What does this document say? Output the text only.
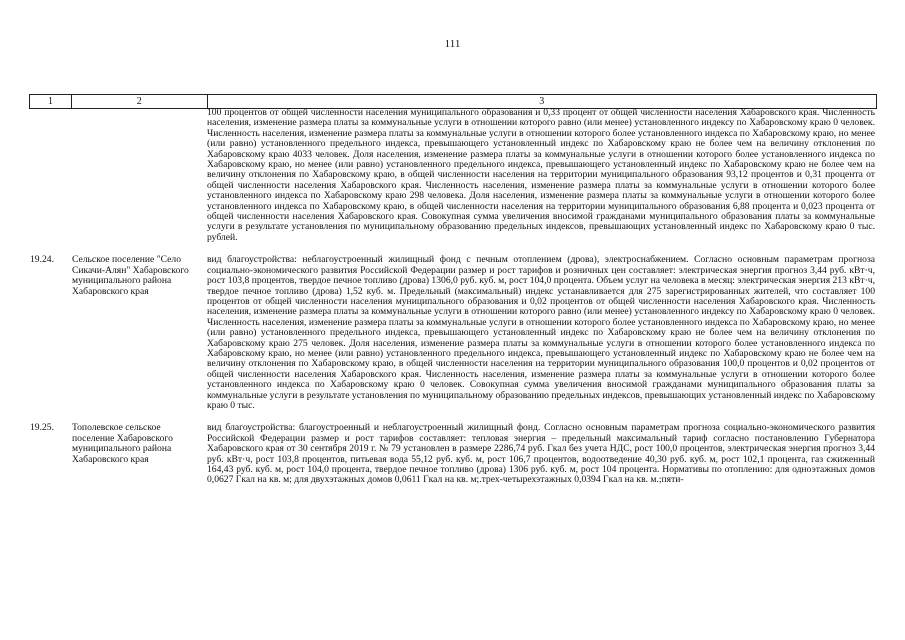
111
1	2	3
100 процентов от общей численности населения муниципального образования и 0,33 процент от общей численности населения Хабаровского края. Численность населения, изменение размера платы за коммунальные услуги в отношении которого равно (или менее) установленного индексу по Хабаровскому краю 0 человек. Численность населения, изменение размера платы за коммунальные услуги в отношении которого более установленного индекса по Хабаровскому краю, но менее (или равно) установленного предельного индекса, превышающего установленный индекс по Хабаровскому краю не более чем на величину отклонения по Хабаровскому краю 4033 человек. Доля населения, изменение размера платы за коммунальные услуги в отношении которого более установленного индекса по Хабаровскому краю, но менее (или равно) установленного предельного индекса, превышающего установленный индекс по Хабаровскому краю не более чем на величину отклонения по Хабаровскому краю, в общей численности населения на территории муниципального образования 93,12 процентов и 0,31 процента от общей численности населения Хабаровского края. Численность населения, изменение размера платы за коммунальные услуги в отношении которого более установленного индекса по Хабаровскому краю 298 человека. Доля населения, изменение размера платы за коммунальные услуги в отношении которого более установленного индекса по Хабаровскому краю, в общей численности населения на территории муниципального образования 6,88 процента и 0,023 процента от общей численности населения Хабаровского края. Совокупная сумма увеличения вносимой гражданами муниципального образования платы за коммунальные услуги в результате установления по муниципальному образованию предельных индексов, превышающих установленный индекс по Хабаровскому краю 0 тыс. рублей.
19.24.	Сельское поселение "Село Сикачи-Алян" Хабаровского муниципального района Хабаровского края
вид благоустройства: неблагоустроенный жилищный фонд с печным отоплением (дрова), электроснабжением. Согласно основным параметрам прогноза социально-экономического развития Российской Федерации размер и рост тарифов и розничных цен составляет: электрическая энергия прогноз 3,44 руб. кВт·ч, рост 103,8 процентов, твердое печное топливо (дрова) 1306,0 руб. куб. м, рост 104,0 процента. Объем услуг на человека в месяц: электрическая энергия 213 кВт·ч, твердое печное топливо (дрова) 1,52 куб. м. Предельный (максимальный) индекс устанавливается для 275 зарегистрированных жителей, что составляет 100 процентов от общей численности населения муниципального образования и 0,02 процентов от общей численности населения Хабаровского края. Численность населения, изменение размера платы за коммунальные услуги в отношении которого равно (или менее) установленного индексу по Хабаровскому краю 0 человек. Численность населения, изменение размера платы за коммунальные услуги в отношении которого более установленного индекса по Хабаровскому краю, но менее (или равно) установленного предельного индекса, превышающего установленный индекс по Хабаровскому краю не более чем на величину отклонения по Хабаровскому краю 275 человек. Доля населения, изменение размера платы за коммунальные услуги в отношении которого более установленного индекса по Хабаровскому краю, но менее (или равно) установленного предельного индекса, превышающего установленный индекс по Хабаровскому краю не более чем на величину отклонения по Хабаровскому краю, в общей численности населения на территории муниципального образования 100,0 процентов и 0,02 процентов от общей численности населения Хабаровского края. Численность населения, изменение размера платы за коммунальные услуги в отношении которого более установленного индекса по Хабаровскому краю 0 человек. Совокупная сумма увеличения вносимой гражданами муниципального образования платы за коммунальные услуги в результате установления по муниципальному образованию предельных индексов, превышающих установленный индекс по Хабаровскому краю 0 тыс.
19.25.	Тополевское сельское поселение Хабаровского муниципального района Хабаровского края
вид благоустройства: благоустроенный и неблагоустроенный жилищный фонд. Согласно основным параметрам прогноза социально-экономического развития Российской Федерации размер и рост тарифов составляет: тепловая энергия – предельный максимальный тариф согласно постановлению Губернатора Хабаровского края от 30 сентября 2019 г. № 79 установлен в размере 2286,74 руб. Гкал без учета НДС, рост 100,0 процентов, электрическая энергия прогноз 3,44 руб. кВт·ч, рост 103,8 процентов, питьевая вода 55,12 руб. куб. м, рост 106,7 процентов, водоотведение 40,30 руб. куб. м, рост 102,1 процента, газ сжиженный 164,43 руб. куб. м, рост 104,0 процента, твердое печное топливо (дрова) 1306 руб. куб. м, рост 104 процента. Нормативы по отоплению: для одноэтажных домов 0,0627 Гкал на кв. м; для двухэтажных домов 0,0611 Гкал на кв. м;.трех-четырехэтажных 0,0394 Гкал на кв. м.;пяти-
